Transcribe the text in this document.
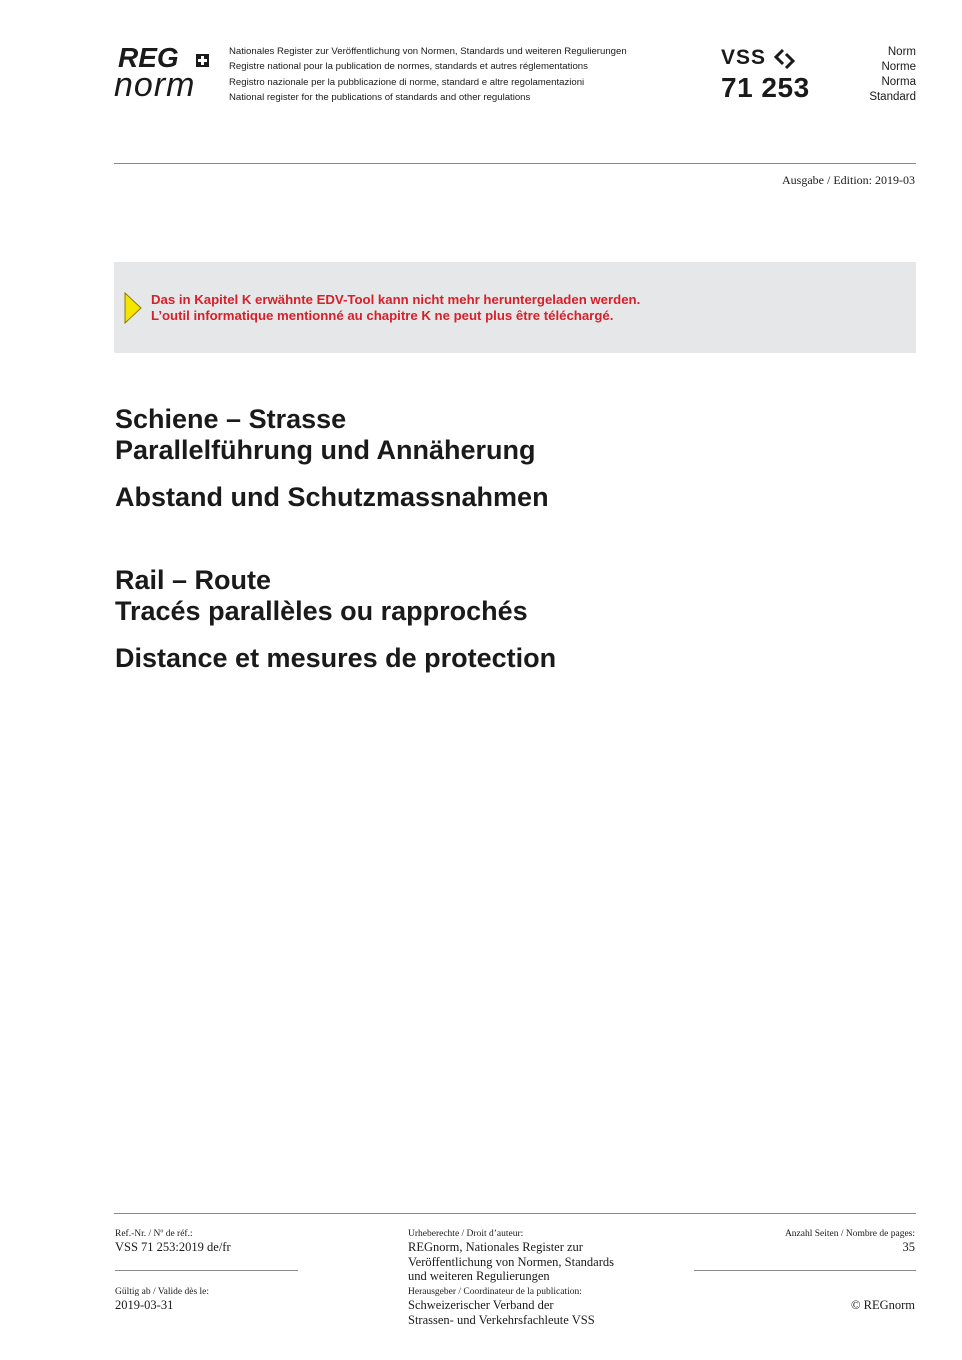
REG
norm
Nationales Register zur Veröffentlichung von Normen, Standards und weiteren Regulierungen
Registre national pour la publication de normes, standards et autres réglementations
Registro nazionale per la pubblicazione di norme, standard e altre regolamentazioni
National register for the publications of standards and other regulations
VSS
71 253
Norm
Norme
Norma
Standard
Ausgabe / Edition: 2019-03
Das in Kapitel K erwähnte EDV-Tool kann nicht mehr heruntergeladen werden.
L’outil informatique mentionné au chapitre K ne peut plus être téléchargé.
Schiene – Strasse
Parallelführung und Annäherung
Abstand und Schutzmassnahmen
Rail – Route
Tracés parallèles ou rapprochés
Distance et mesures de protection
Ref.-Nr. / Nº de réf.:
VSS 71 253:2019 de/fr
Gültig ab / Valide dès le:
2019-03-31
Urheberechte / Droit d’auteur:
REGnorm, Nationales Register zur
Veröffentlichung von Normen, Standards
und weiteren Regulierungen
Herausgeber / Coordinateur de la publication:
Schweizerischer Verband der
Strassen- und Verkehrsfachleute VSS
Anzahl Seiten / Nombre de pages:
35
© REGnorm
